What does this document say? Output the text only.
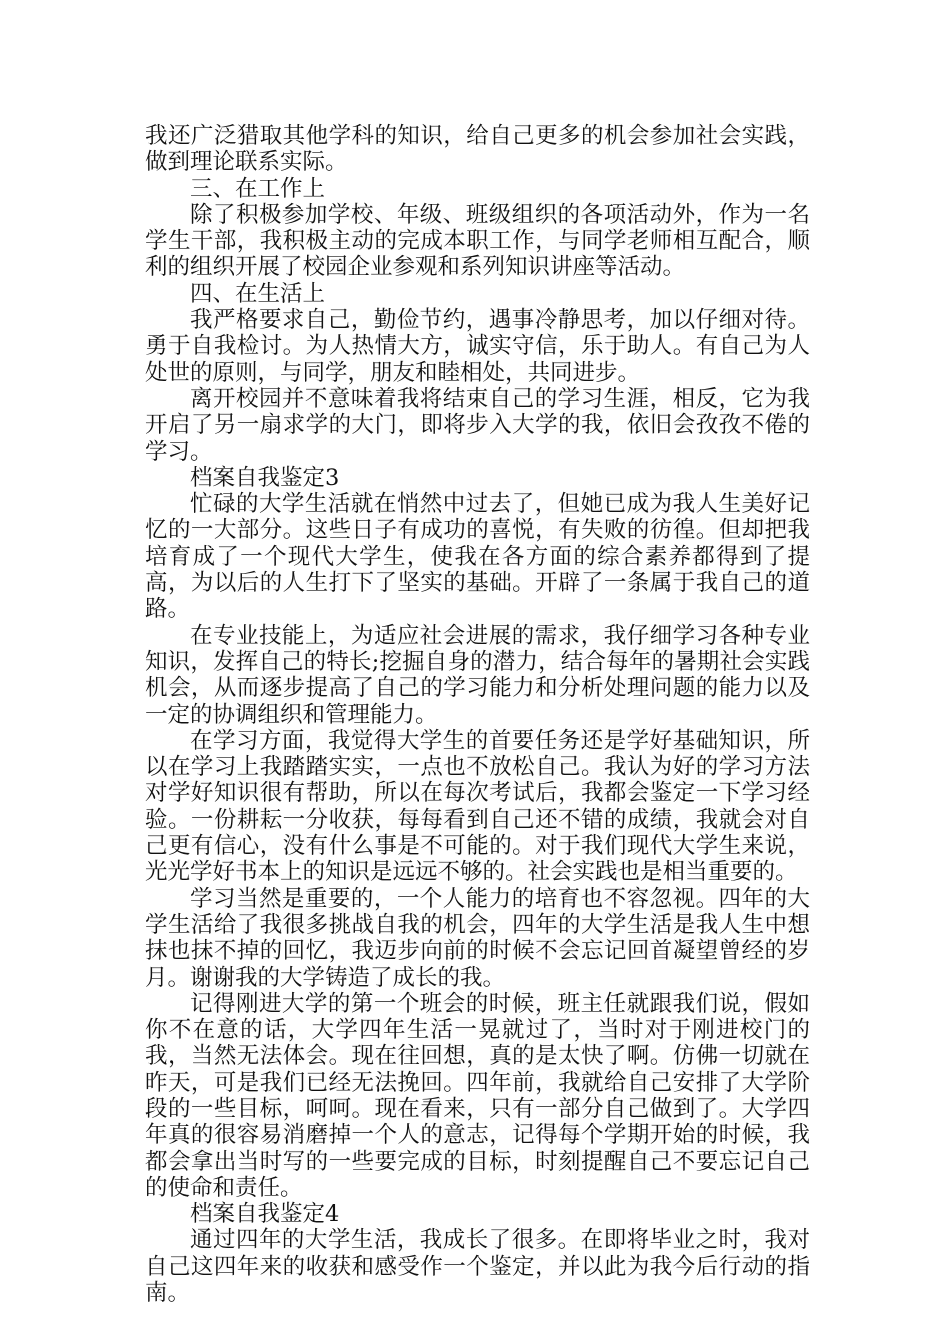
我还广泛猎取其他学科的知识，给自己更多的机会参加社会实践，做到理论联系实际。

三、在工作上

除了积极参加学校、年级、班级组织的各项活动外，作为一名学生干部，我积极主动的完成本职工作，与同学老师相互配合，顺利的组织开展了校园企业参观和系列知识讲座等活动。

四、在生活上

我严格要求自己，勤俭节约，遇事冷静思考，加以仔细对待。勇于自我检讨。为人热情大方，诚实守信，乐于助人。有自己为人处世的原则，与同学，朋友和睦相处，共同进步。

离开校园并不意味着我将结束自己的学习生涯，相反，它为我开启了另一扇求学的大门，即将步入大学的我，依旧会孜孜不倦的学习。

档案自我鉴定3

忙碌的大学生活就在悄然中过去了，但她已成为我人生美好记忆的一大部分。这些日子有成功的喜悦，有失败的彷徨。但却把我培育成了一个现代大学生，使我在各方面的综合素养都得到了提高，为以后的人生打下了坚实的基础。开辟了一条属于我自己的道路。

在专业技能上，为适应社会进展的需求，我仔细学习各种专业知识，发挥自己的特长;挖掘自身的潜力，结合每年的暑期社会实践机会，从而逐步提高了自己的学习能力和分析处理问题的能力以及一定的协调组织和管理能力。

在学习方面，我觉得大学生的首要任务还是学好基础知识，所以在学习上我踏踏实实，一点也不放松自己。我认为好的学习方法对学好知识很有帮助，所以在每次考试后，我都会鉴定一下学习经验。一份耕耘一分收获，每每看到自己还不错的成绩，我就会对自己更有信心，没有什么事是不可能的。对于我们现代大学生来说，光光学好书本上的知识是远远不够的。社会实践也是相当重要的。

学习当然是重要的，一个人能力的培育也不容忽视。四年的大学生活给了我很多挑战自我的机会，四年的大学生活是我人生中想抹也抹不掉的回忆，我迈步向前的时候不会忘记回首凝望曾经的岁月。谢谢我的大学铸造了成长的我。

记得刚进大学的第一个班会的时候，班主任就跟我们说，假如你不在意的话，大学四年生活一晃就过了，当时对于刚进校门的我，当然无法体会。现在往回想，真的是太快了啊。仿佛一切就在昨天，可是我们已经无法挽回。四年前，我就给自己安排了大学阶段的一些目标，呵呵。现在看来，只有一部分自己做到了。大学四年真的很容易消磨掉一个人的意志，记得每个学期开始的时候，我都会拿出当时写的一些要完成的目标，时刻提醒自己不要忘记自己的使命和责任。

档案自我鉴定4

通过四年的大学生活，我成长了很多。在即将毕业之时，我对自己这四年来的收获和感受作一个鉴定，并以此为我今后行动的指南。
